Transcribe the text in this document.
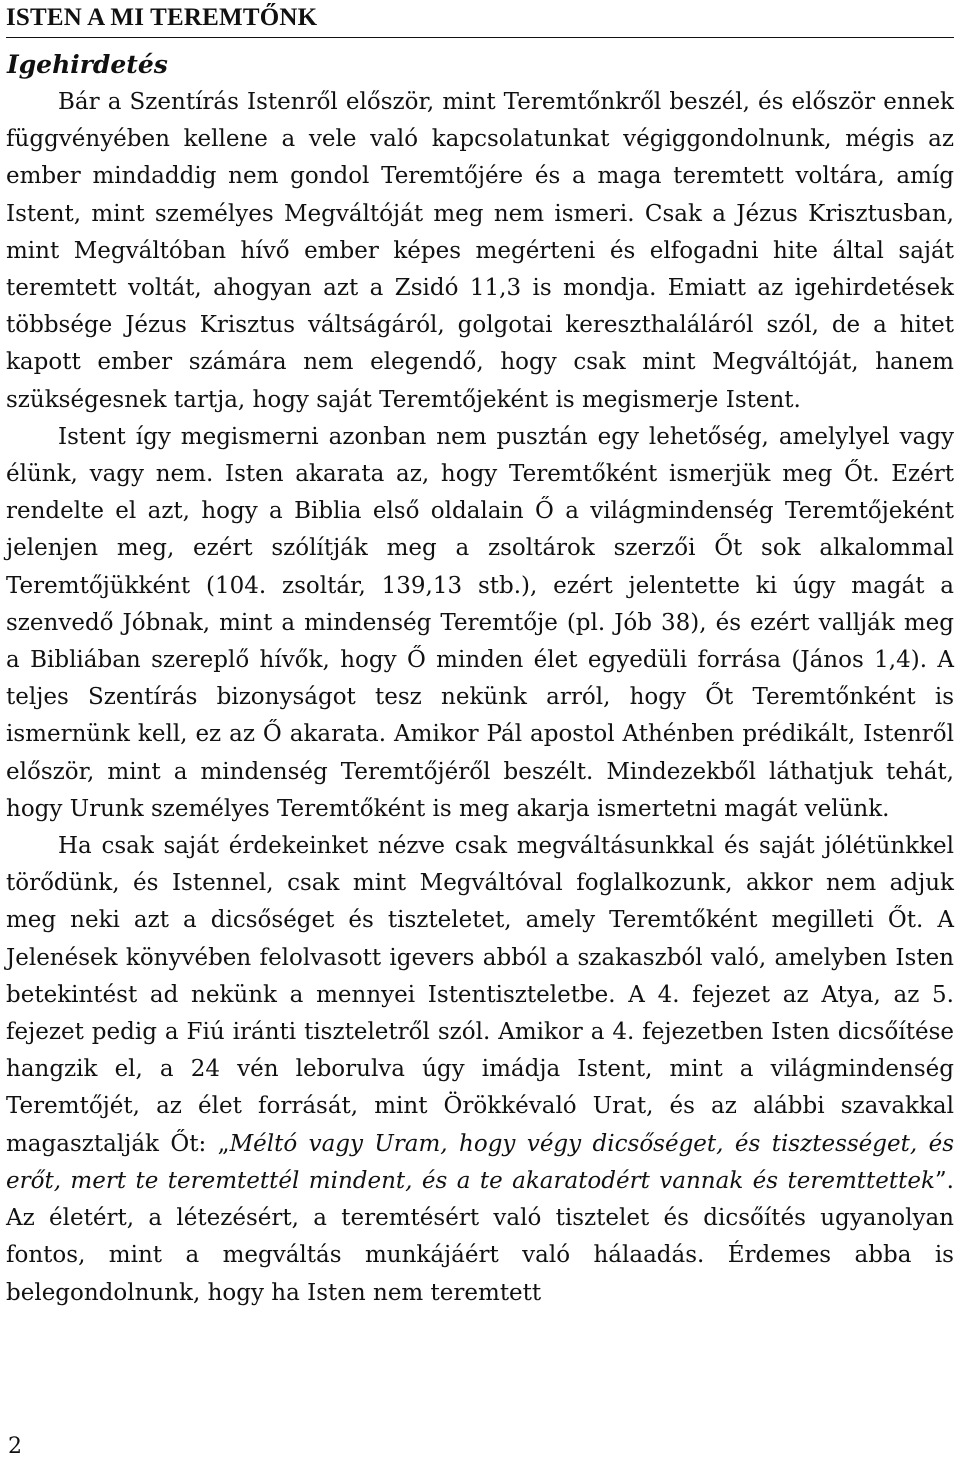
ISTEN A MI TEREMTŐNK
Igehirdetés

Bár a Szentírás Istenről először, mint Teremtőnkről beszél, és először ennek függvényében kellene a vele való kapcsolatunkat végiggondolnunk, mégis az ember mindaddig nem gondol Teremtőjére és a maga teremtett voltára, amíg Istent, mint személyes Megváltóját meg nem ismeri. Csak a Jézus Krisztusban, mint Megváltóban hívő ember képes megérteni és elfogadni hite által saját teremtett voltát, ahogyan azt a Zsidó 11,3 is mondja. Emiatt az igehirdetések többsége Jézus Krisztus váltságáról, golgotai kereszthaláláról szól, de a hitet kapott ember számára nem elegendő, hogy csak mint Megváltóját, hanem szükségesnek tartja, hogy saját Teremtőjeként is megismerje Istent.

Istent így megismerni azonban nem pusztán egy lehetőség, amelylyel vagy élünk, vagy nem. Isten akarata az, hogy Teremtőként ismerjük meg Őt. Ezért rendelte el azt, hogy a Biblia első oldalain Ő a világmindenség Teremtőjeként jelenjen meg, ezért szólítják meg a zsoltárok szerzői Őt sok alkalommal Teremtőjükként (104. zsoltár, 139,13 stb.), ezért jelentette ki úgy magát a szenvedő Jóbnak, mint a mindenség Teremtője (pl. Jób 38), és ezért vallják meg a Bibliában szereplő hívők, hogy Ő minden élet egyedüli forrása (János 1,4). A teljes Szentírás bizonyságot tesz nekünk arról, hogy Őt Teremtőnként is ismernünk kell, ez az Ő akarata. Amikor Pál apostol Athénben prédikált, Istenről először, mint a mindenség Teremtőjéről beszélt. Mindezekből láthatjuk tehát, hogy Urunk személyes Teremtőként is meg akarja ismertetni magát velünk.

Ha csak saját érdekeinket nézve csak megváltásunkkal és saját jólétünkkel törődünk, és Istennel, csak mint Megváltóval foglalkozunk, akkor nem adjuk meg neki azt a dicsőséget és tiszteletet, amely Teremtőként megilleti Őt. A Jelenések könyvében felolvasott igevers abból a szakaszból való, amelyben Isten betekintést ad nekünk a mennyei Istentiszteletbe. A 4. fejezet az Atya, az 5. fejezet pedig a Fiú iránti tiszteletről szól. Amikor a 4. fejezetben Isten dicsőítése hangzik el, a 24 vén leborulva úgy imádja Istent, mint a világmindenség Teremtőjét, az élet forrását, mint Örökkévaló Urat, és az alábbi szavakkal magasztalják Őt: „Méltó vagy Uram, hogy végy dicsőséget, és tisztességet, és erőt, mert te teremtettél mindent, és a te akaratodért vannak és teremttettek”. Az életért, a létezésért, a teremtésért való tisztelet és dicsőítés ugyanolyan fontos, mint a megváltás munkájáért való hálaadás. Érdemes abba is belegondolnunk, hogy ha Isten nem teremtett

2
